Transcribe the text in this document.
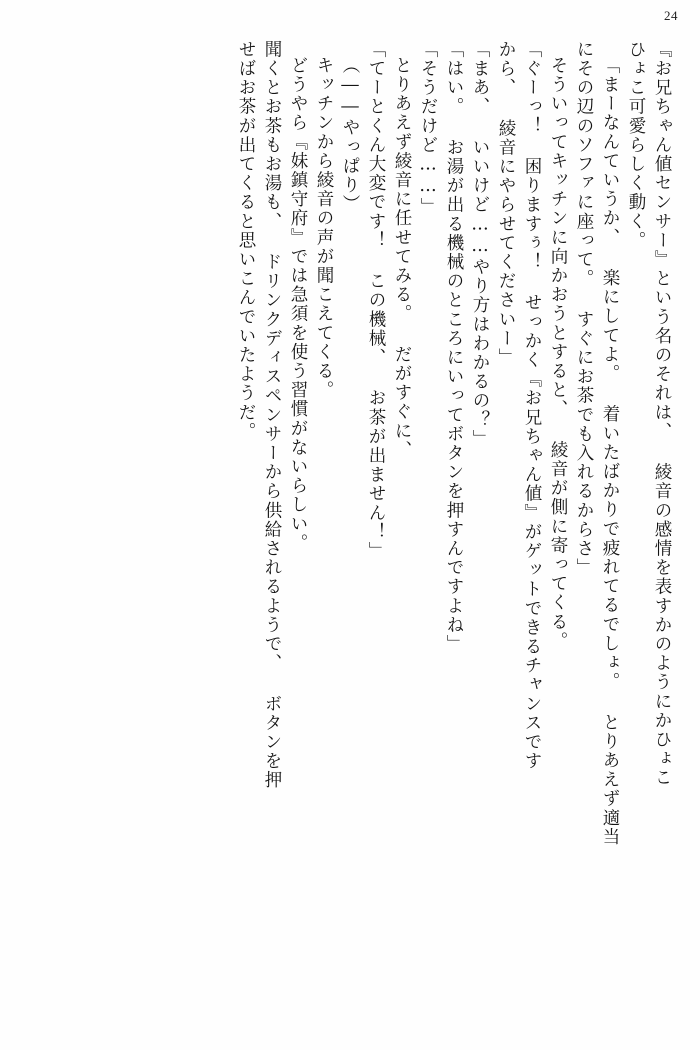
24
『お兄ちゃん値センサー』という名のそれは、 綾音の感情を表すかのようにかひょこ
ひょこ可愛らしく動く。
「まーなんていうか、 楽にしてよ。 着いたばかりで疲れてるでしょ。 とりあえず適当
にその辺のソファに座って。 すぐにお茶でも入れるからさ」
そういってキッチンに向かおうとすると、 綾音が側に寄ってくる。
「ぐーっ！ 困りますぅ！ せっかく『お兄ちゃん値』がゲットできるチャンスです
から、 綾音にやらせてくださいー」
「まあ、 いいけど……やり方はわかるの？」
「はい。 お湯が出る機械のところにいってボタンを押すんですよね」
「そうだけど……」
とりあえず綾音に任せてみる。 だがすぐに、
「てーとくん大変です！ この機械、 お茶が出ません！」
（――やっぱり）
キッチンから綾音の声が聞こえてくる。
どうやら『妹鎮守府』では急須を使う習慣がないらしい。
聞くとお茶もお湯も、 ドリンクディスペンサーから供給されるようで、 ボタンを押
せばお茶が出てくると思いこんでいたようだ。
